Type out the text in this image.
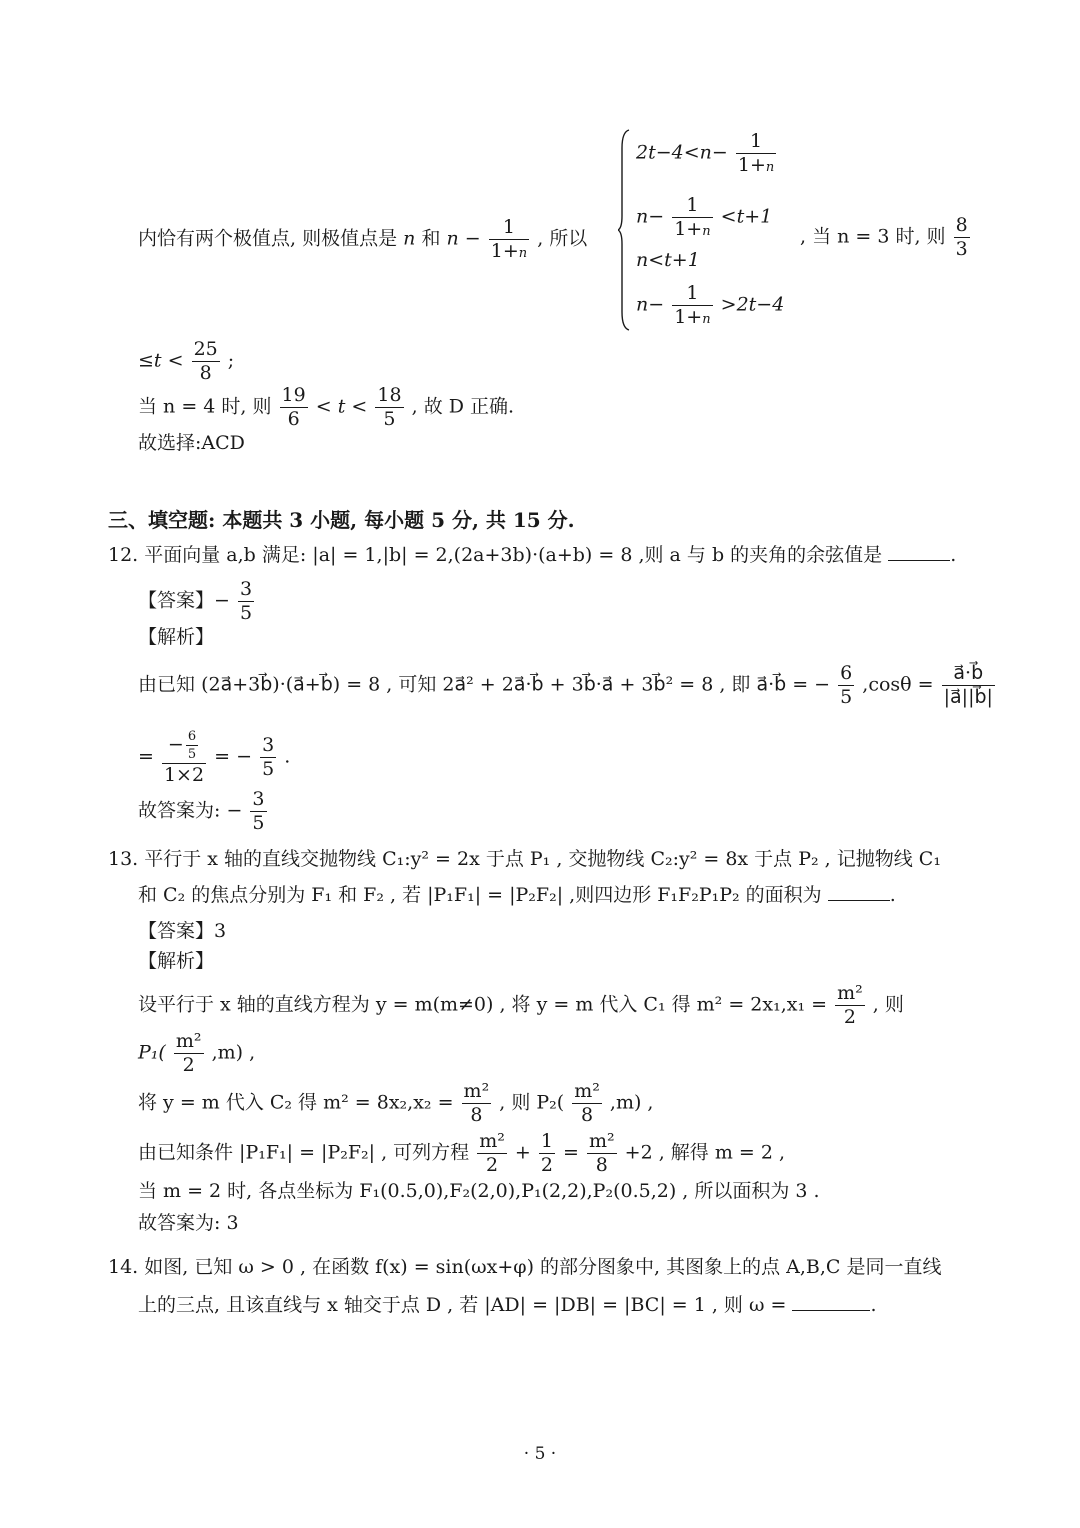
内恰有两个极值点, 则极值点是 n 和 $n - \frac{1}{1+n}$ , 所以
$2t-4<n- \frac{1}{1+n}$
$n- \frac{1}{1+n} <t+1$
n<t+1
$n- \frac{1}{1+n} >2t-4$
, 当 n = 3 时, 则 $\frac{8}{3}$
$\le t < \frac{25}{8}$ ;
当 n = 4 时, 则 $\frac{19}{6} < t < \frac{18}{5}$ , 故 D 正确.
故选择:ACD
三、填空题: 本题共 3 小题, 每小题 5 分, 共 15 分.
12. 平面向量 a,b 满足: |a| = 1,|b| = 2,(2a+3b)·(a+b) = 8 ,则 a 与 b 的夹角的余弦值是	.
【答案】− $\frac{3}{5}$
【解析】
由已知 (2a⃗+3b⃗)·(a⃗+b⃗) = 8 , 可知 2a⃗² + 2a⃗·b⃗ + 3b⃗·a⃗ + 3b⃗² = 8 , 即 a⃗·b⃗ = − $\frac{6}{5} ,\cos\theta = \frac{a⃗\cdot b⃗}{|a⃗||b⃗|}$
= $\frac{- \frac{6}{5}}{1\times 2}$ = − $\frac{3}{5}$ .
故答案为: − $\frac{3}{5}$
13. 平行于 x 轴的直线交抛物线 C₁:y² = 2x 于点 P₁ , 交抛物线 C₂:y² = 8x 于点 P₂ , 记抛物线 C₁
和 C₂ 的焦点分别为 F₁ 和 F₂ , 若 |P₁F₁| = |P₂F₂| ,则四边形 F₁F₂P₁P₂ 的面积为	.
【答案】3
【解析】
设平行于 x 轴的直线方程为 y = m(m≠0) , 将 y = m 代入 C₁ 得 $m^2 = 2x_1,x_1 = \frac{\text{m²}}{2}$ , 则
$P_1( \frac{\text{m²}}{2} ,m)$ ,
将 y = m 代入 C₂ 得 $m^2 = 8x_2,x_2 = \frac{\text{m²}}{8}$ , 则 $P_2( \frac{\text{m²}}{8} ,m)$ ,
由已知条件 |P₁F₁| = |P₂F₂| , 可列方程 $\frac{\text{m²}}{2} + \frac{1}{2} = \frac{\text{m²}}{8} +2$ , 解得 m = 2 ,
当 m = 2 时, 各点坐标为 F₁(0.5,0),F₂(2,0),P₁(2,2),P₂(0.5,2) , 所以面积为 3 .
故答案为: 3
14. 如图, 已知 ω > 0 , 在函数 f(x) = sin(ωx+φ) 的部分图象中, 其图象上的点 A,B,C 是同一直线
上的三点, 且该直线与 x 轴交于点 D , 若 |AD| = |DB| = |BC| = 1 , 则 ω =	.
· 5 ·
